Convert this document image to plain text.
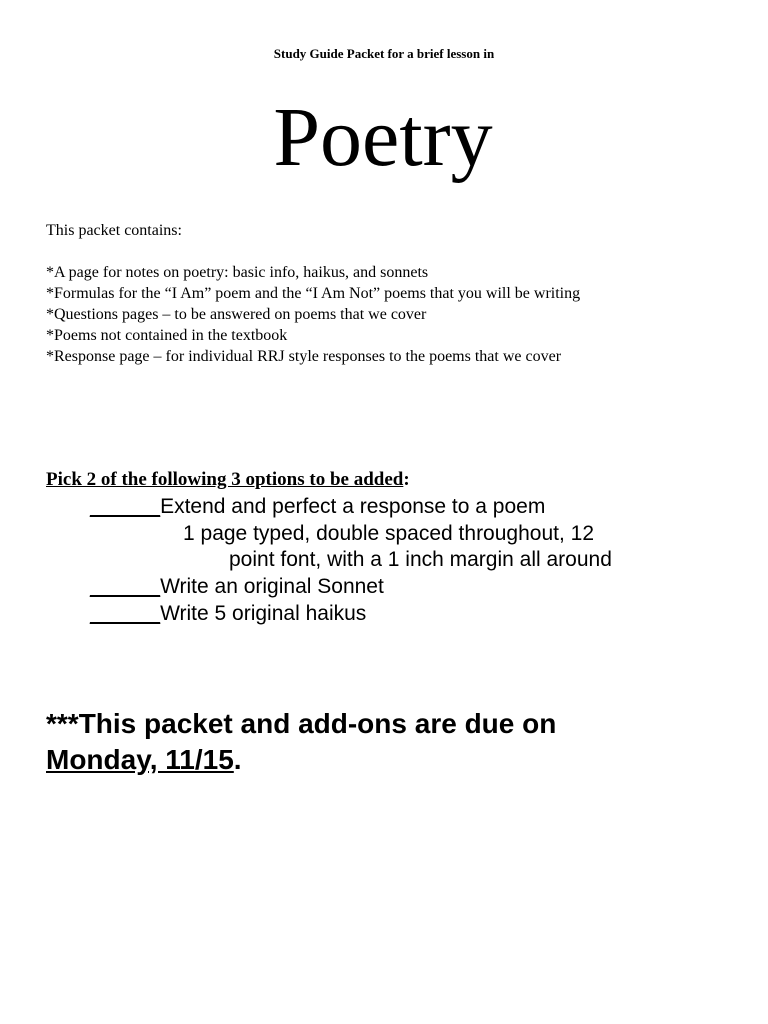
Study Guide Packet for a brief lesson in
Poetry
This packet contains:
*A page for notes on poetry: basic info, haikus, and sonnets
*Formulas for the “I Am” poem and the “I Am Not” poems that you will be writing
*Questions pages – to be answered on poems that we cover
*Poems not contained in the textbook
*Response page – for individual RRJ style responses to the poems that we cover
Pick 2 of the following 3 options to be added:
______Extend and perfect a response to a poem
1 page typed, double spaced throughout, 12
point font, with a 1 inch margin all around
______Write an original Sonnet
______Write 5 original haikus
***This packet and add-ons are due on
Monday, 11/15.
